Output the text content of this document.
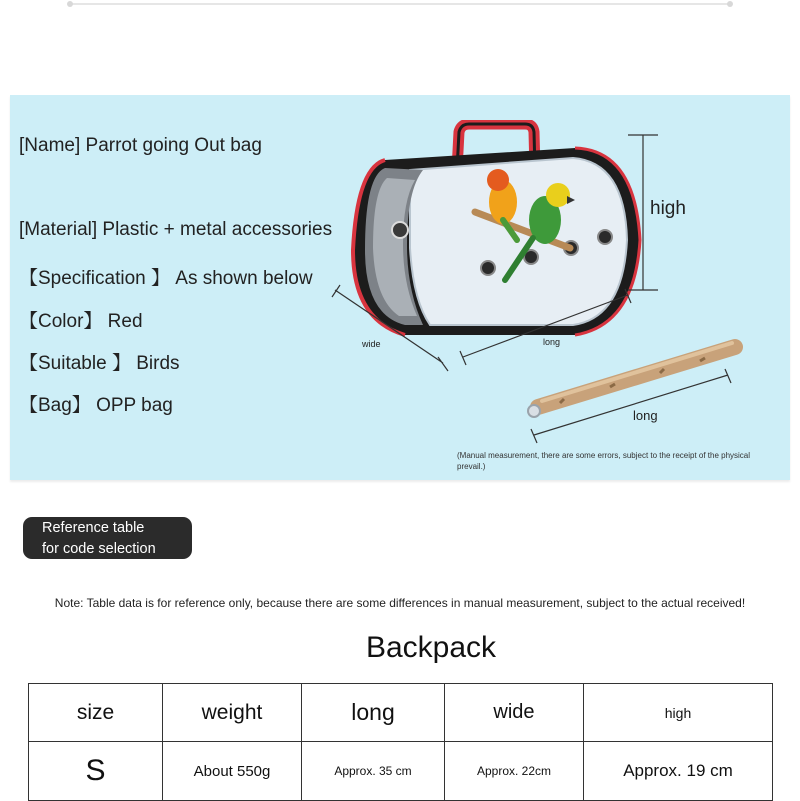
[Name] Parrot going Out bag
[Material] Plastic + metal accessories
【Specification 】 As shown below
【Color】 Red
【Suitable 】 Birds
【Bag】 OPP bag
high
wide	long
long
(Manual measurement, there are some errors, subject to the receipt of the physical prevail.)
Reference table
for code selection
Note: Table data is for reference only, because there are some differences in manual measurement, subject to the actual received!
Backpack
size	weight	long	wide	high
S	About 550g	Approx. 35 cm	Approx. 22cm	Approx. 19 cm
